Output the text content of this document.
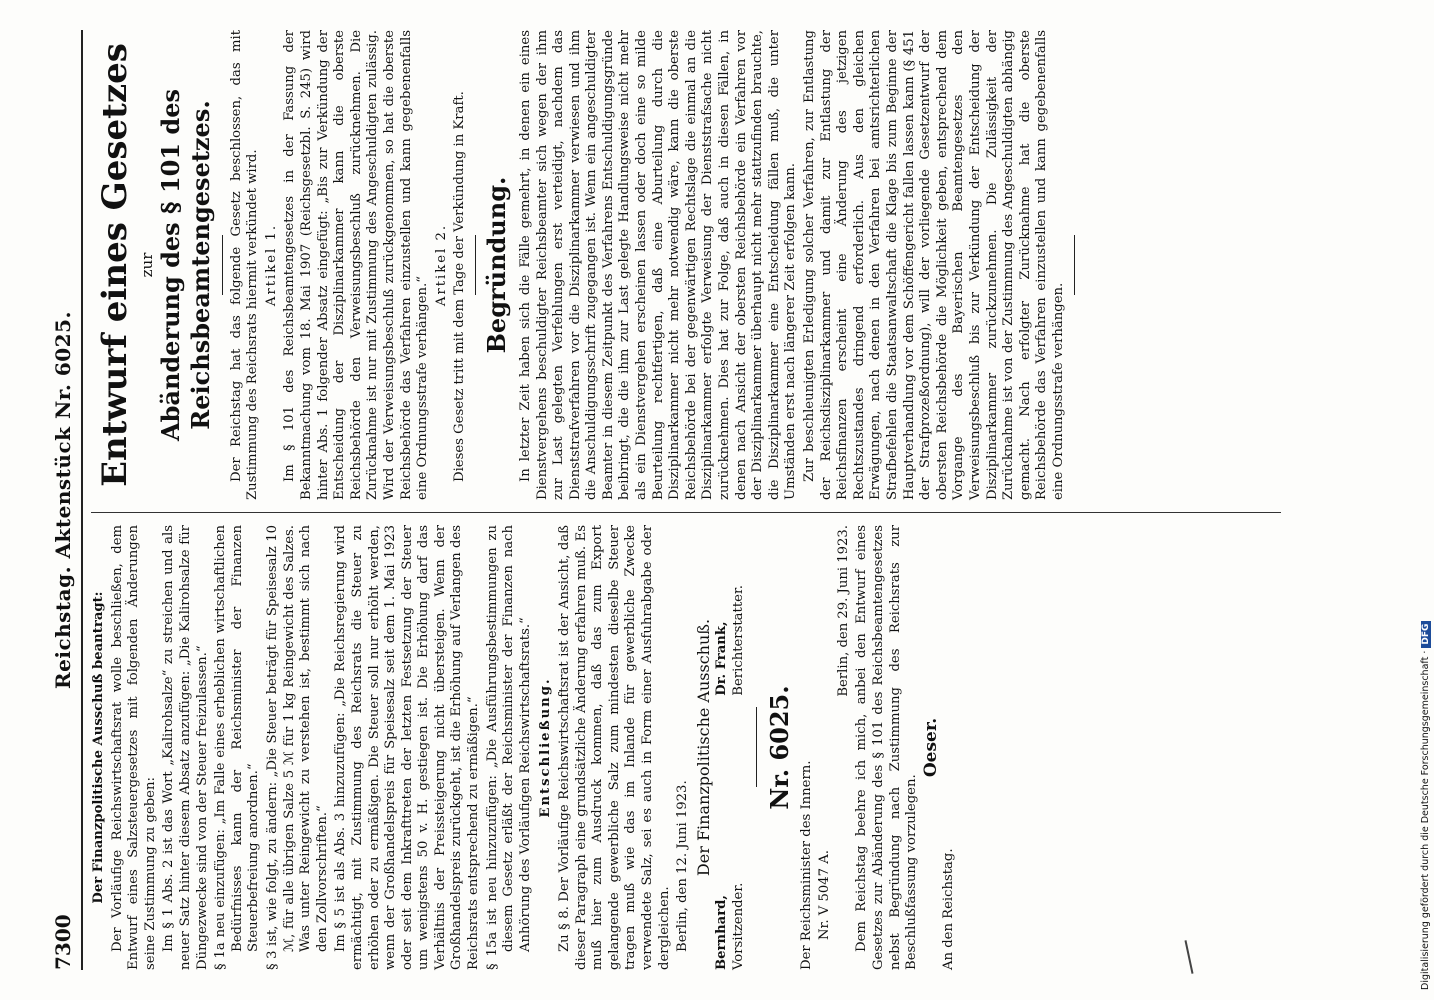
7300
Reichstag. Aktenstück Nr. 6025.

Der Finanzpolitische Ausschuß beantragt: Der Vorläufige Reichswirtschaftsrat wolle beschließen, dem Entwurf eines Salzsteuergesetzes mit folgenden Änderungen seine Zustimmung zu geben: Im § 1 Abs. 2 ist das Wort „Kalirohsalze“ zu streichen und als neuer Satz hinter diesem Absatz anzufügen: „Die Kalirohsalze für Düngezwecke sind von der Steuer freizulassen.“ § 1a neu einzufügen: „Im Falle eines erheblichen wirtschaftlichen Bedürfnisses kann der Reichsminister der Finanzen Steuerbefreiung anordnen.“ § 3 ist, wie folgt, zu ändern: „Die Steuer beträgt für Speisesalz 10 ℳ, für alle übrigen Salze 5 ℳ für 1 kg Reingewicht des Salzes. Was unter Reingewicht zu verstehen ist, bestimmt sich nach den Zollvorschriften.“ Im § 5 ist als Abs. 3 hinzuzufügen: „Die Reichsregierung wird ermächtigt, mit Zustimmung des Reichsrats die Steuer zu erhöhen oder zu ermäßigen. Die Steuer soll nur erhöht werden, wenn der Großhandelspreis für Speisesalz seit dem 1. Mai 1923 oder seit dem Inkrafttreten der letzten Festsetzung der Steuer um wenigstens 50 v. H. gestiegen ist. Die Erhöhung darf das Verhältnis der Preissteigerung nicht übersteigen. Wenn der Großhandelspreis zurückgeht, ist die Erhöhung auf Verlangen des Reichsrats entsprechend zu ermäßigen.“ § 15a ist neu hinzuzufügen: „Die Ausführungsbestimmungen zu diesem Gesetz erläßt der Reichsminister der Finanzen nach Anhörung des Vorläufigen Reichswirtschaftsrats.“ Entschließung. Zu § 8. Der Vorläufige Reichswirtschaftsrat ist der Ansicht, daß dieser Paragraph eine grundsätzliche Änderung erfahren muß. Es muß hier zum Ausdruck kommen, daß das zum Export gelangende gewerbliche Salz zum mindesten dieselbe Steuer tragen muß wie das im Inlande für gewerbliche Zwecke verwendete Salz, sei es auch in Form einer Ausfuhrabgabe oder dergleichen. Berlin, den 12. Juni 1923. Der Finanzpolitische Ausschuß.

Bernhard, Vorsitzender.
Dr. Frank, Berichterstatter.
Nr. 6025.

Der Reichsminister des Innern. Nr. V 5047 A.

Berlin, den 29. Juni 1923. Dem Reichstag beehre ich mich, anbei den Entwurf eines Gesetzes zur Abänderung des § 101 des Reichsbeamtengesetzes nebst Begründung nach Zustimmung des Reichsrats zur Beschlußfassung vorzulegen.

Oeser.

An den Reichstag.

Entwurf eines Gesetzes zur Abänderung des § 101 des Reichsbeamtengesetzes. Der Reichstag hat das folgende Gesetz beschlossen, das mit Zustimmung des Reichsrats hiermit verkündet wird. Artikel 1. Im § 101 des Reichsbeamtengesetzes in der Fassung der Bekanntmachung vom 18. Mai 1907 (Reichsgesetzbl. S. 245) wird hinter Abs. 1 folgender Absatz eingefügt: „Bis zur Verkündung der Entscheidung der Disziplinarkammer kann die oberste Reichsbehörde den Verweisungsbeschluß zurücknehmen. Die Zurücknahme ist nur mit Zustimmung des Angeschuldigten zulässig. Wird der Verweisungsbeschluß zurückgenommen, so hat die oberste Reichsbehörde das Verfahren einzustellen und kann gegebenenfalls eine Ordnungsstrafe verhängen.“

Artikel 2. Dieses Gesetz tritt mit dem Tage der Verkündung in Kraft. Begründung. In letzter Zeit haben sich die Fälle gemehrt, in denen ein eines Dienstvergehens beschuldigter Reichsbeamter sich wegen der ihm zur Last gelegten Verfehlungen erst verteidigt, nachdem das Dienststrafverfahren vor die Disziplinarkammer verwiesen und ihm die Anschuldigungsschrift zugegangen ist. Wenn ein angeschuldigter Beamter in diesem Zeitpunkt des Verfahrens Entschuldigungsgründe beibringt, die die ihm zur Last gelegte Handlungsweise nicht mehr als ein Dienstvergehen erscheinen lassen oder doch eine so milde Beurteilung rechtfertigen, daß eine Aburteilung durch die Disziplinarkammer nicht mehr notwendig wäre, kann die oberste Reichsbehörde bei der gegenwärtigen Rechtslage die einmal an die Disziplinarkammer erfolgte Verweisung der Dienststrafsache nicht zurücknehmen. Dies hat zur Folge, daß auch in diesen Fällen, in denen nach Ansicht der obersten Reichsbehörde ein Verfahren vor der Disziplinarkammer überhaupt nicht mehr stattzufinden brauchte, die Disziplinarkammer eine Entscheidung fällen muß, die unter Umständen erst nach längerer Zeit erfolgen kann. Zur beschleunigten Erledigung solcher Verfahren, zur Entlastung der Reichsdisziplinarkammer und damit zur Entlastung der Reichsfinanzen erscheint eine Änderung des jetzigen Rechtszustandes dringend erforderlich. Aus den gleichen Erwägungen, nach denen in den Verfahren bei amtsrichterlichen Strafbefehlen die Staatsanwaltschaft die Klage bis zum Beginne der Hauptverhandlung vor dem Schöffengericht fallen lassen kann (§ 451 der Strafprozeßordnung), will der vorliegende Gesetzentwurf der obersten Reichsbehörde die Möglichkeit geben, entsprechend dem Vorgange des Bayerischen Beamtengesetzes den Verweisungsbeschluß bis zur Verkündung der Entscheidung der Disziplinarkammer zurückzunehmen. Die Zulässigkeit der Zurücknahme ist von der Zustimmung des Angeschuldigten abhängig gemacht. Nach erfolgter Zurücknahme hat die oberste Reichsbehörde das Verfahren einzustellen und kann gegebenenfalls eine Ordnungsstrafe verhängen.

Digitalisierung gefördert durch die Deutsche Forschungsgemeinschaft · DFG
